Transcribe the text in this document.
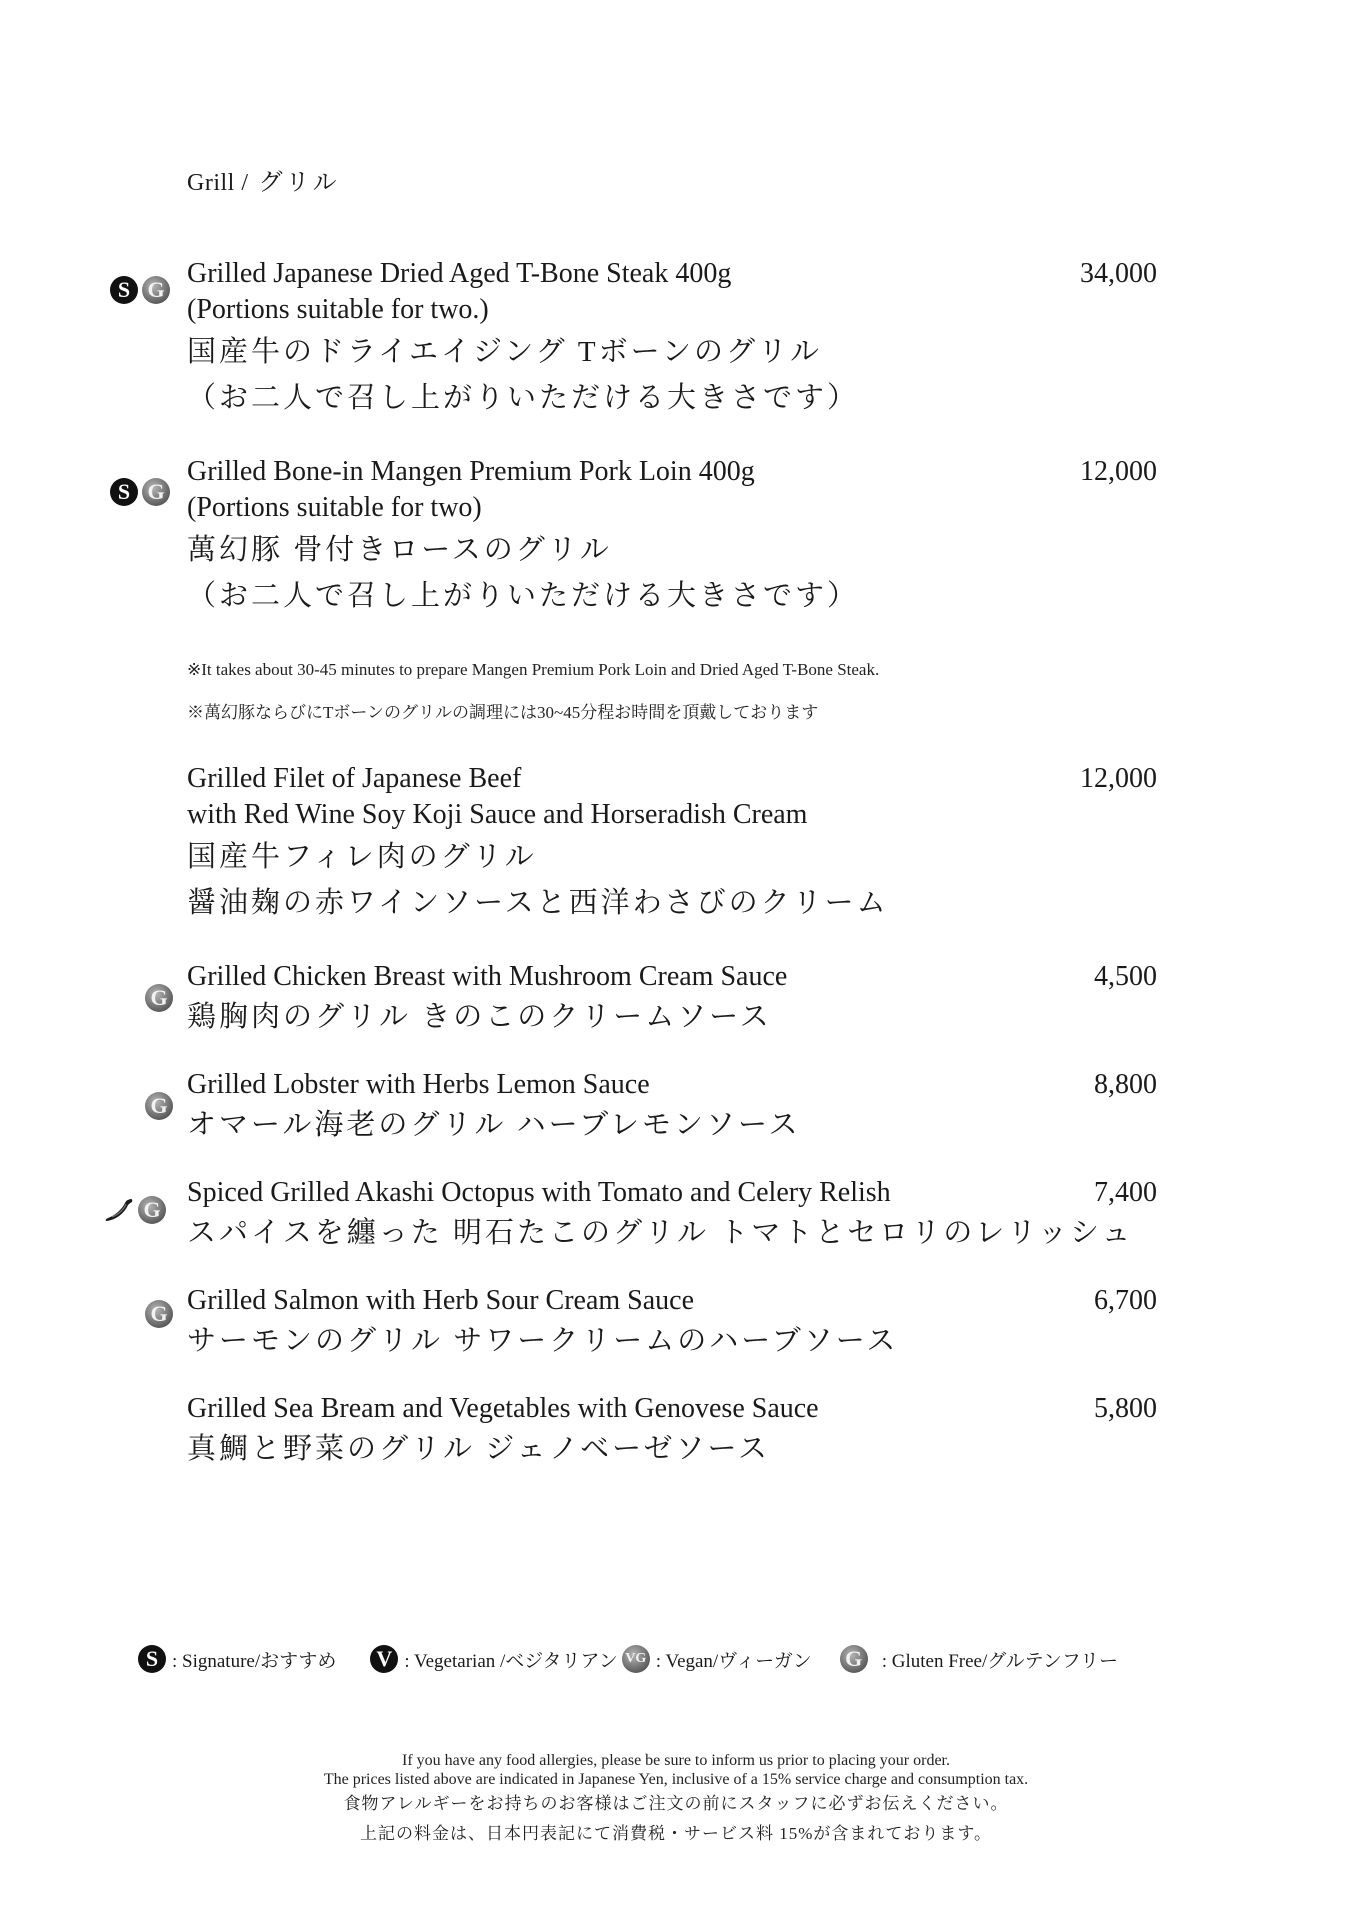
Grill / グリル
S G
Grilled Japanese Dried Aged T-Bone Steak 400g
(Portions suitable for two.)
国産牛のドライエイジング Tボーンのグリル
（お二人で召し上がりいただける大きさです）
34,000
S G
Grilled Bone-in Mangen Premium Pork Loin 400g
(Portions suitable for two)
萬幻豚 骨付きロースのグリル
（お二人で召し上がりいただける大きさです）
12,000
※It takes about 30-45 minutes to prepare Mangen Premium Pork Loin and Dried Aged T-Bone Steak.
※萬幻豚ならびにTボーンのグリルの調理には30~45分程お時間を頂戴しております
Grilled Filet of Japanese Beef
with Red Wine Soy Koji Sauce and Horseradish Cream
国産牛フィレ肉のグリル
醤油麹の赤ワインソースと西洋わさびのクリーム
12,000
G
Grilled Chicken Breast with Mushroom Cream Sauce
鶏胸肉のグリル きのこのクリームソース
4,500
G
Grilled Lobster with Herbs Lemon Sauce
オマール海老のグリル ハーブレモンソース
8,800
G
Spiced Grilled Akashi Octopus with Tomato and Celery Relish
スパイスを纏った 明石たこのグリル トマトとセロリのレリッシュ
7,400
G Grilled Salmon with Herb Sour Cream Sauce
サーモンのグリル サワークリームのハーブソース
6,700
Grilled Sea Bream and Vegetables with Genovese Sauce
真鯛と野菜のグリル ジェノベーゼソース
5,800
S : Signature/おすすめ V : Vegetarian /ベジタリアン VG : Vegan/ヴィーガン G : Gluten Free/グルテンフリー
If you have any food allergies, please be sure to inform us prior to placing your order.
The prices listed above are indicated in Japanese Yen, inclusive of a 15% service charge and consumption tax.
食物アレルギーをお持ちのお客様はご注文の前にスタッフに必ずお伝えください。
上記の料金は、日本円表記にて消費税・サービス料 15%が含まれております。
